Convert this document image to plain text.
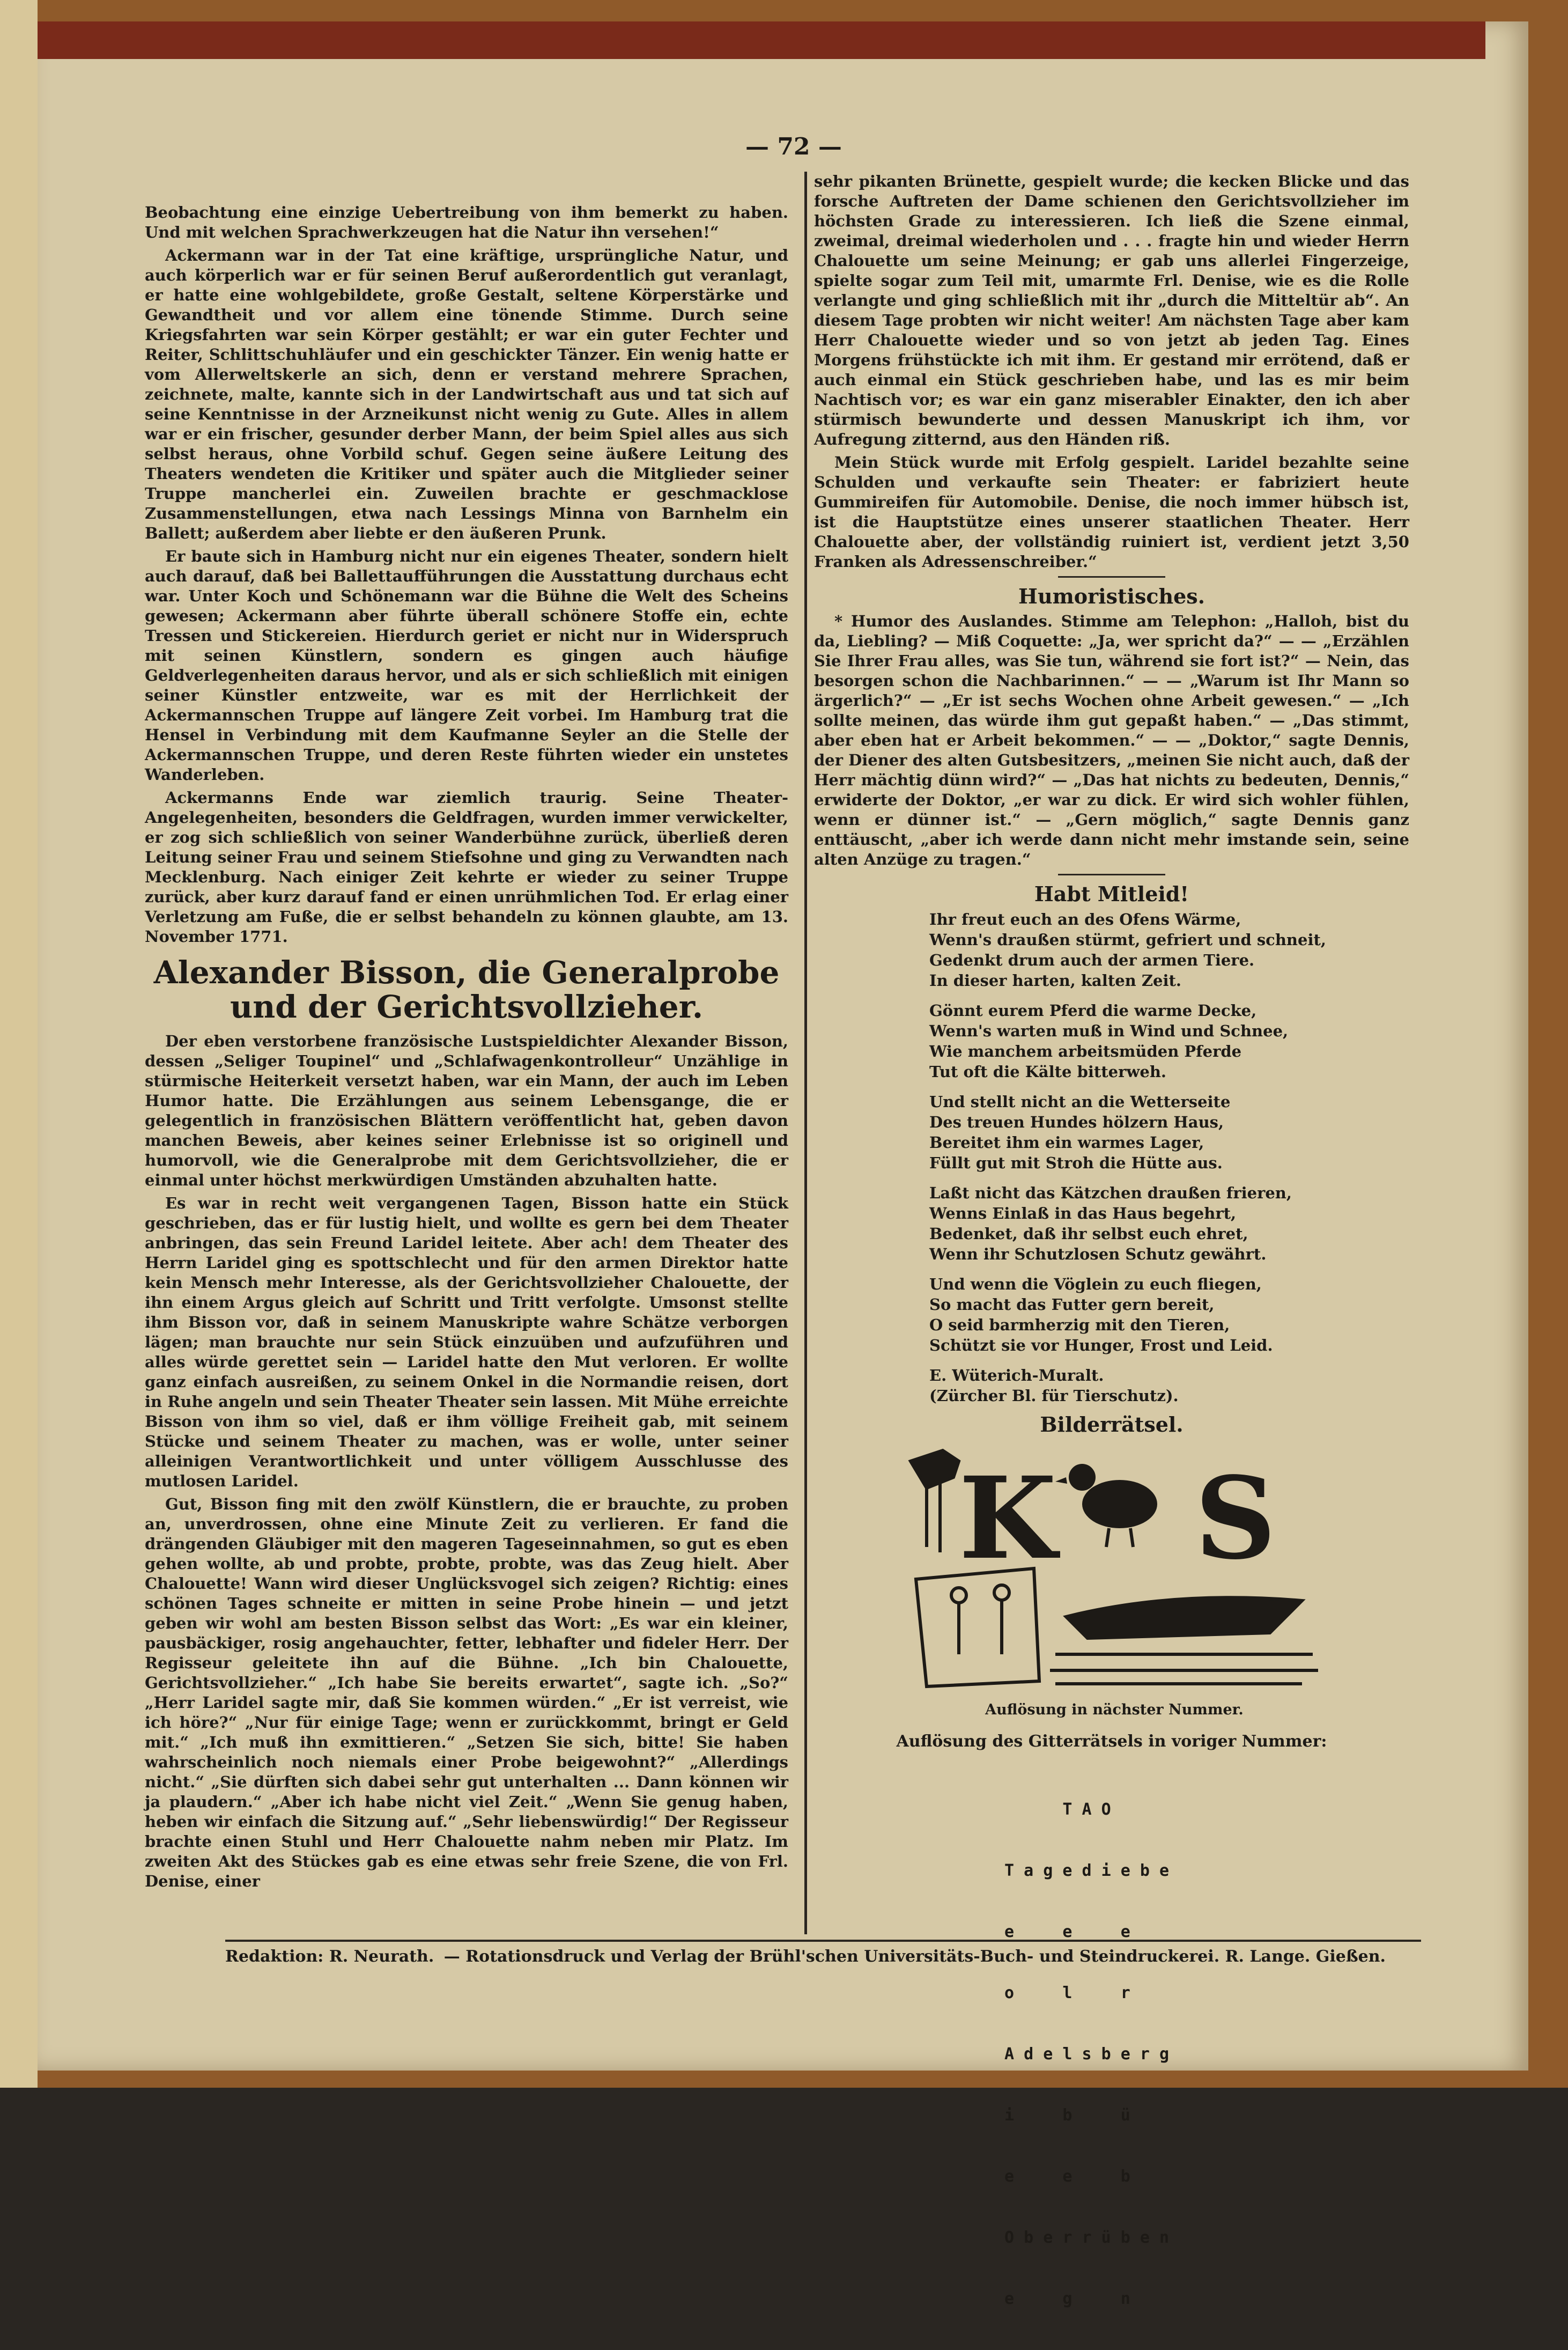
— 72 —

Beobachtung eine einzige Uebertreibung von ihm bemerkt zu haben. Und mit welchen Sprachwerkzeugen hat die Natur ihn versehen!“

Ackermann war in der Tat eine kräftige, ursprüngliche Natur, und auch körperlich war er für seinen Beruf außerordentlich gut veranlagt, er hatte eine wohlgebildete, große Gestalt, seltene Körperstärke und Gewandtheit und vor allem eine tönende Stimme. Durch seine Kriegsfahrten war sein Körper gestählt; er war ein guter Fechter und Reiter, Schlittschuhläufer und ein geschickter Tänzer. Ein wenig hatte er vom Allerweltskerle an sich, denn er verstand mehrere Sprachen, zeichnete, malte, kannte sich in der Landwirtschaft aus und tat sich auf seine Kenntnisse in der Arzneikunst nicht wenig zu Gute. Alles in allem war er ein frischer, gesunder derber Mann, der beim Spiel alles aus sich selbst heraus, ohne Vorbild schuf. Gegen seine äußere Leitung des Theaters wendeten die Kritiker und später auch die Mitglieder seiner Truppe mancherlei ein. Zuweilen brachte er geschmacklose Zusammenstellungen, etwa nach Lessings Minna von Barnhelm ein Ballett; außerdem aber liebte er den äußeren Prunk.

Er baute sich in Hamburg nicht nur ein eigenes Theater, sondern hielt auch darauf, daß bei Ballettaufführungen die Ausstattung durchaus echt war. Unter Koch und Schönemann war die Bühne die Welt des Scheins gewesen; Ackermann aber führte überall schönere Stoffe ein, echte Tressen und Stickereien. Hierdurch geriet er nicht nur in Widerspruch mit seinen Künstlern, sondern es gingen auch häufige Geldverlegenheiten daraus hervor, und als er sich schließlich mit einigen seiner Künstler entzweite, war es mit der Herrlichkeit der Ackermannschen Truppe auf längere Zeit vorbei. Im Hamburg trat die Hensel in Verbindung mit dem Kaufmanne Seyler an die Stelle der Ackermannschen Truppe, und deren Reste führten wieder ein unstetes Wanderleben.

Ackermanns Ende war ziemlich traurig. Seine Theater-Angelegenheiten, besonders die Geldfragen, wurden immer verwickelter, er zog sich schließlich von seiner Wanderbühne zurück, überließ deren Leitung seiner Frau und seinem Stiefsohne und ging zu Verwandten nach Mecklenburg. Nach einiger Zeit kehrte er wieder zu seiner Truppe zurück, aber kurz darauf fand er einen unrühmlichen Tod. Er erlag einer Verletzung am Fuße, die er selbst behandeln zu können glaubte, am 13. November 1771.

Alexander Bisson, die Generalprobe und der Gerichtsvollzieher.

Der eben verstorbene französische Lustspieldichter Alexander Bisson, dessen „Seliger Toupinel“ und „Schlafwagenkontrolleur“ Unzählige in stürmische Heiterkeit versetzt haben, war ein Mann, der auch im Leben Humor hatte. Die Erzählungen aus seinem Lebensgange, die er gelegentlich in französischen Blättern veröffentlicht hat, geben davon manchen Beweis, aber keines seiner Erlebnisse ist so originell und humorvoll, wie die Generalprobe mit dem Gerichtsvollzieher, die er einmal unter höchst merkwürdigen Umständen abzuhalten hatte.

Es war in recht weit vergangenen Tagen, Bisson hatte ein Stück geschrieben, das er für lustig hielt, und wollte es gern bei dem Theater anbringen, das sein Freund Laridel leitete. Aber ach! dem Theater des Herrn Laridel ging es spottschlecht und für den armen Direktor hatte kein Mensch mehr Interesse, als der Gerichtsvollzieher Chalouette, der ihn einem Argus gleich auf Schritt und Tritt verfolgte. Umsonst stellte ihm Bisson vor, daß in seinem Manuskripte wahre Schätze verborgen lägen; man brauchte nur sein Stück einzuüben und aufzuführen und alles würde gerettet sein — Laridel hatte den Mut verloren. Er wollte ganz einfach ausreißen, zu seinem Onkel in die Normandie reisen, dort in Ruhe angeln und sein Theater Theater sein lassen. Mit Mühe erreichte Bisson von ihm so viel, daß er ihm völlige Freiheit gab, mit seinem Stücke und seinem Theater zu machen, was er wolle, unter seiner alleinigen Verantwortlichkeit und unter völligem Ausschlusse des mutlosen Laridel.

Gut, Bisson fing mit den zwölf Künstlern, die er brauchte, zu proben an, unverdrossen, ohne eine Minute Zeit zu verlieren. Er fand die drängenden Gläubiger mit den mageren Tageseinnahmen, so gut es eben gehen wollte, ab und probte, probte, probte, was das Zeug hielt. Aber Chalouette! Wann wird dieser Unglücksvogel sich zeigen? Richtig: eines schönen Tages schneite er mitten in seine Probe hinein — und jetzt geben wir wohl am besten Bisson selbst das Wort: „Es war ein kleiner, pausbäckiger, rosig angehauchter, fetter, lebhafter und fideler Herr. Der Regisseur geleitete ihn auf die Bühne. „Ich bin Chalouette, Gerichtsvollzieher.“ „Ich habe Sie bereits erwartet“, sagte ich. „So?“ „Herr Laridel sagte mir, daß Sie kommen würden.“ „Er ist verreist, wie ich höre?“ „Nur für einige Tage; wenn er zurückkommt, bringt er Geld mit.“ „Ich muß ihn exmittieren.“ „Setzen Sie sich, bitte! Sie haben wahrscheinlich noch niemals einer Probe beigewohnt?“ „Allerdings nicht.“ „Sie dürften sich dabei sehr gut unterhalten ... Dann können wir ja plaudern.“ „Aber ich habe nicht viel Zeit.“ „Wenn Sie genug haben, heben wir einfach die Sitzung auf.“ „Sehr liebenswürdig!“ Der Regisseur brachte einen Stuhl und Herr Chalouette nahm neben mir Platz. Im zweiten Akt des Stückes gab es eine etwas sehr freie Szene, die von Frl. Denise, einer

sehr pikanten Brünette, gespielt wurde; die kecken Blicke und das forsche Auftreten der Dame schienen den Gerichtsvollzieher im höchsten Grade zu interessieren. Ich ließ die Szene einmal, zweimal, dreimal wiederholen und . . . fragte hin und wieder Herrn Chalouette um seine Meinung; er gab uns allerlei Fingerzeige, spielte sogar zum Teil mit, umarmte Frl. Denise, wie es die Rolle verlangte und ging schließlich mit ihr „durch die Mitteltür ab“. An diesem Tage probten wir nicht weiter! Am nächsten Tage aber kam Herr Chalouette wieder und so von jetzt ab jeden Tag. Eines Morgens frühstückte ich mit ihm. Er gestand mir errötend, daß er auch einmal ein Stück geschrieben habe, und las es mir beim Nachtisch vor; es war ein ganz miserabler Einakter, den ich aber stürmisch bewunderte und dessen Manuskript ich ihm, vor Aufregung zitternd, aus den Händen riß.

Mein Stück wurde mit Erfolg gespielt. Laridel bezahlte seine Schulden und verkaufte sein Theater: er fabriziert heute Gummireifen für Automobile. Denise, die noch immer hübsch ist, ist die Hauptstütze eines unserer staatlichen Theater. Herr Chalouette aber, der vollständig ruiniert ist, verdient jetzt 3,50 Franken als Adressenschreiber.“

Humoristisches.

* Humor des Auslandes. Stimme am Telephon: „Halloh, bist du da, Liebling? — Miß Coquette: „Ja, wer spricht da?“ — — „Erzählen Sie Ihrer Frau alles, was Sie tun, während sie fort ist?“ — Nein, das besorgen schon die Nachbarinnen.“ — — „Warum ist Ihr Mann so ärgerlich?“ — „Er ist sechs Wochen ohne Arbeit gewesen.“ — „Ich sollte meinen, das würde ihm gut gepaßt haben.“ — „Das stimmt, aber eben hat er Arbeit bekommen.“ — — „Doktor,“ sagte Dennis, der Diener des alten Gutsbesitzers, „meinen Sie nicht auch, daß der Herr mächtig dünn wird?“ — „Das hat nichts zu bedeuten, Dennis,“ erwiderte der Doktor, „er war zu dick. Er wird sich wohler fühlen, wenn er dünner ist.“ — „Gern möglich,“ sagte Dennis ganz enttäuscht, „aber ich werde dann nicht mehr imstande sein, seine alten Anzüge zu tragen.“

Habt Mitleid!
Ihr freut euch an des Ofens Wärme,
Wenn's draußen stürmt, gefriert und schneit,
Gedenkt drum auch der armen Tiere.
In dieser harten, kalten Zeit.
Gönnt eurem Pferd die warme Decke,
Wenn's warten muß in Wind und Schnee,
Wie manchem arbeitsmüden Pferde
Tut oft die Kälte bitterweh.
Und stellt nicht an die Wetterseite
Des treuen Hundes hölzern Haus,
Bereitet ihm ein warmes Lager,
Füllt gut mit Stroh die Hütte aus.
Laßt nicht das Kätzchen draußen frieren,
Wenns Einlaß in das Haus begehrt,
Bedenket, daß ihr selbst euch ehret,
Wenn ihr Schutzlosen Schutz gewährt.
Und wenn die Vöglein zu euch fliegen,
So macht das Futter gern bereit,
O seid barmherzig mit den Tieren,
Schützt sie vor Hunger, Frost und Leid.
E. Wüterich-Muralt.
(Zürcher Bl. für Tierschutz).
Bilderrätsel.
K S
Auflösung in nächster Nummer.
Auflösung des Gitterrätsels in voriger Nummer:

T A O

T a g e d i e b e

e     e     e

o     l     r

A d e l s b e r g

i     b     ü

e     e     b

O b e r r ü b e n

e     g     n

Redaktion: R. Neurath. — Rotationsdruck und Verlag der Brühl'schen Universitäts-Buch- und Steindruckerei. R. Lange. Gießen.
